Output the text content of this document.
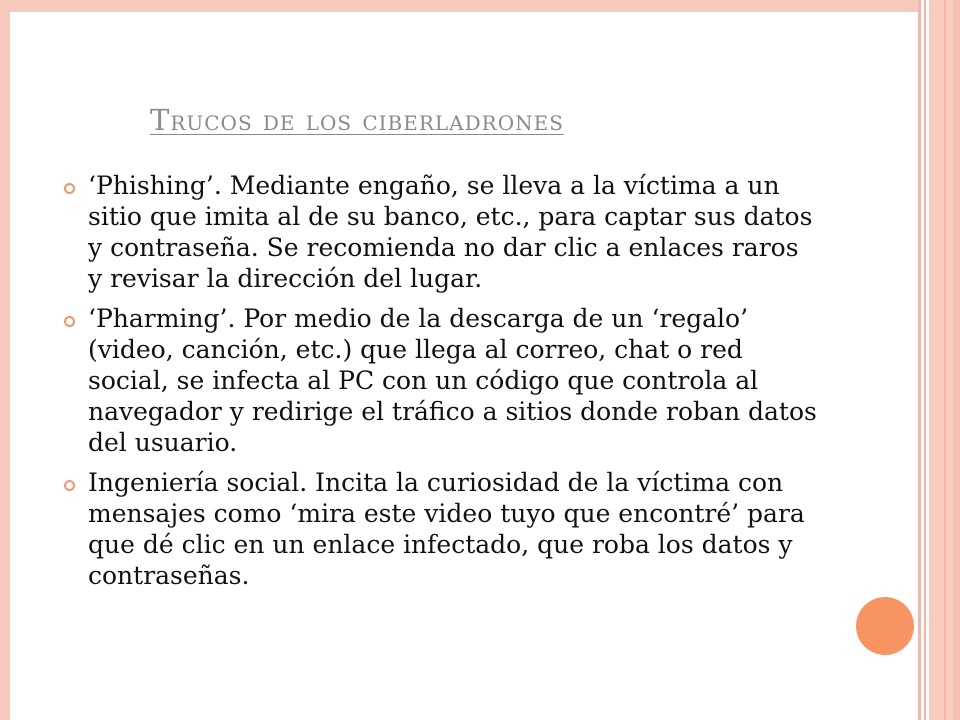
Trucos de los ciberladrones
‘Phishing’. Mediante engaño, se lleva a la víctima a un sitio que imita al de su banco, etc., para captar sus datos y contraseña. Se recomienda no dar clic a enlaces raros y revisar la dirección del lugar.
‘Pharming’. Por medio de la descarga de un ‘regalo’ (video, canción, etc.) que llega al correo, chat o red social, se infecta al PC con un código que controla al navegador y redirige el tráfico a sitios donde roban datos del usuario.
Ingeniería social. Incita la curiosidad de la víctima con mensajes como ‘mira este video tuyo que encontré’ para que dé clic en un enlace infectado, que roba los datos y contraseñas.
